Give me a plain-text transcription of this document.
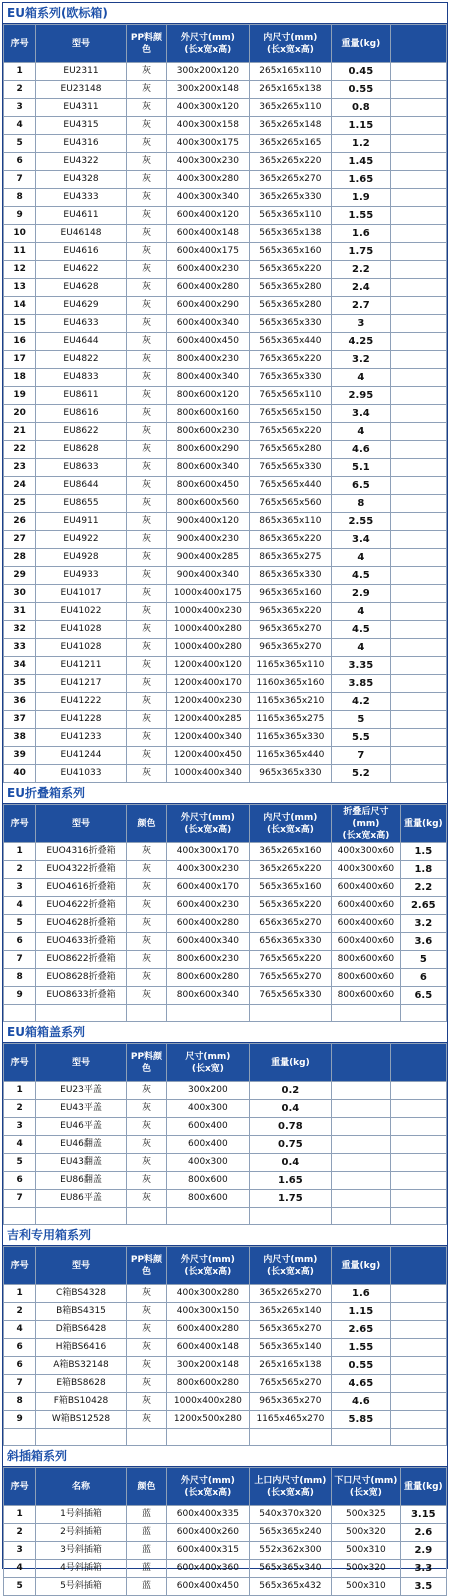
EU箱系列(欧标箱)
序号	型号	PP料颜色	外尺寸(mm)
(长x宽x高)	内尺寸(mm)
(长x宽x高)	重量(kg)	
1	EU2311	灰	300x200x120	265x165x110	0.45	
2	EU23148	灰	300x200x148	265x165x138	0.55	
3	EU4311	灰	400x300x120	365x265x110	0.8	
4	EU4315	灰	400x300x158	365x265x148	1.15	
5	EU4316	灰	400x300x175	365x265x165	1.2	
6	EU4322	灰	400x300x230	365x265x220	1.45	
7	EU4328	灰	400x300x280	365x265x270	1.65	
8	EU4333	灰	400x300x340	365x265x330	1.9	
9	EU4611	灰	600x400x120	565x365x110	1.55	
10	EU46148	灰	600x400x148	565x365x138	1.6	
11	EU4616	灰	600x400x175	565x365x160	1.75	
12	EU4622	灰	600x400x230	565x365x220	2.2	
13	EU4628	灰	600x400x280	565x365x280	2.4	
14	EU4629	灰	600x400x290	565x365x280	2.7	
15	EU4633	灰	600x400x340	565x365x330	3	
16	EU4644	灰	600x400x450	565x365x440	4.25	
17	EU4822	灰	800x400x230	765x365x220	3.2	
18	EU4833	灰	800x400x340	765x365x330	4	
19	EU8611	灰	800x600x120	765x565x110	2.95	
20	EU8616	灰	800x600x160	765x565x150	3.4	
21	EU8622	灰	800x600x230	765x565x220	4	
22	EU8628	灰	800x600x290	765x565x280	4.6	
23	EU8633	灰	800x600x340	765x565x330	5.1	
24	EU8644	灰	800x600x450	765x565x440	6.5	
25	EU8655	灰	800x600x560	765x565x560	8	
26	EU4911	灰	900x400x120	865x365x110	2.55	
27	EU4922	灰	900x400x230	865x365x220	3.4	
28	EU4928	灰	900x400x285	865x365x275	4	
29	EU4933	灰	900x400x340	865x365x330	4.5	
30	EU41017	灰	1000x400x175	965x365x160	2.9	
31	EU41022	灰	1000x400x230	965x365x220	4	
32	EU41028	灰	1000x400x280	965x365x270	4.5	
33	EU41028	灰	1000x400x280	965x365x270	4	
34	EU41211	灰	1200x400x120	1165x365x110	3.35	
35	EU41217	灰	1200x400x170	1160x365x160	3.85	
36	EU41222	灰	1200x400x230	1165x365x210	4.2	
37	EU41228	灰	1200x400x285	1165x365x275	5	
38	EU41233	灰	1200x400x340	1165x365x330	5.5	
39	EU41244	灰	1200x400x450	1165x365x440	7	
40	EU41033	灰	1000x400x340	965x365x330	5.2	
EU折叠箱系列
序号	型号	颜色	外尺寸(mm)
(长x宽x高)	内尺寸(mm)
(长x宽x高)	折叠后尺寸(mm)
(长x宽x高)	重量(kg)
1	EUO4316折叠箱	灰	400x300x170	365x265x160	400x300x60	1.5
2	EUO4322折叠箱	灰	400x300x230	365x265x220	400x300x60	1.8
3	EUO4616折叠箱	灰	600x400x170	565x365x160	600x400x60	2.2
4	EUO4622折叠箱	灰	600x400x230	565x365x220	600x400x60	2.65
5	EUO4628折叠箱	灰	600x400x280	656x365x270	600x400x60	3.2
6	EUO4633折叠箱	灰	600x400x340	656x365x330	600x400x60	3.6
7	EUO8622折叠箱	灰	800x600x230	765x565x220	800x600x60	5
8	EUO8628折叠箱	灰	800x600x280	765x565x270	800x600x60	6
9	EUO8633折叠箱	灰	800x600x340	765x565x330	800x600x60	6.5

EU箱箱盖系列
序号	型号	PP料颜色	尺寸(mm)
(长x宽)	重量(kg)		
1	EU23平盖	灰	300x200	0.2		
2	EU43平盖	灰	400x300	0.4		
3	EU46平盖	灰	600x400	0.78		
4	EU46翻盖	灰	600x400	0.75		
5	EU43翻盖	灰	400x300	0.4		
6	EU86翻盖	灰	800x600	1.65		
7	EU86平盖	灰	800x600	1.75		

吉利专用箱系列
序号	型号	PP料颜色	外尺寸(mm)
(长x宽x高)	内尺寸(mm)
(长x宽x高)	重量(kg)	
1	C箱BS4328	灰	400x300x280	365x265x270	1.6	
2	B箱BS4315	灰	400x300x150	365x265x140	1.15	
4	D箱BS6428	灰	600x400x280	565x365x270	2.65	
6	H箱BS6416	灰	600x400x148	565x365x140	1.55	
6	A箱BS32148	灰	300x200x148	265x165x138	0.55	
7	E箱BS8628	灰	800x600x280	765x565x270	4.65	
8	F箱BS10428	灰	1000x400x280	965x365x270	4.6	
9	W箱BS12528	灰	1200x500x280	1165x465x270	5.85	

斜插箱系列
序号	名称	颜色	外尺寸(mm)
(长x宽x高)	上口内尺寸(mm)
(长x宽x高)	下口尺寸(mm)
(长x宽)	重量(kg)
1	1号斜插箱	蓝	600x400x335	540x370x320	500x325	3.15
2	2号斜插箱	蓝	600x400x260	565x365x240	500x320	2.6
3	3号斜插箱	蓝	600x400x315	552x362x300	500x310	2.9
4	4号斜插箱	蓝	600x400x360	565x365x340	500x320	3.3
5	5号斜插箱	蓝	600x400x450	565x365x432	500x310	3.5
